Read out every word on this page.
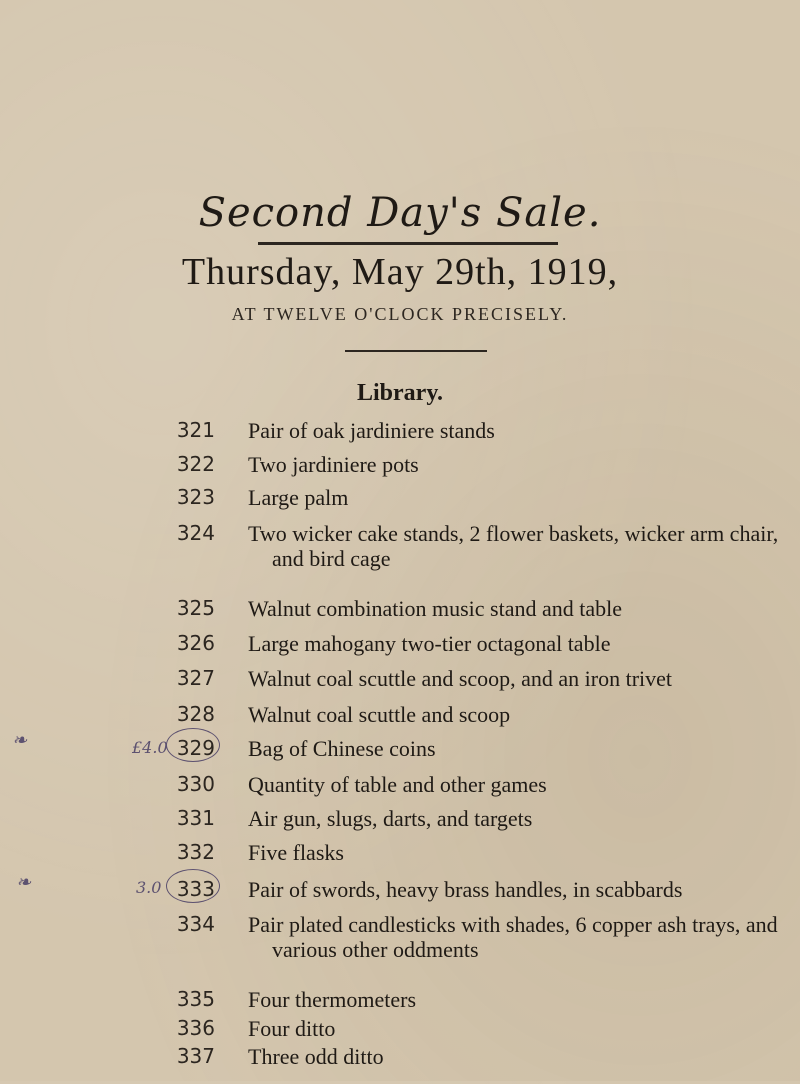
Second Day's Sale.
Thursday, May 29th, 1919,
AT TWELVE O'CLOCK PRECISELY.
Library.
321 Pair of oak jardiniere stands
322 Two jardiniere pots
323 Large palm
324 Two wicker cake stands, 2 flower baskets, wicker arm chair,
and bird cage
325 Walnut combination music stand and table
326 Large mahogany two-tier octagonal table
327 Walnut coal scuttle and scoop, and an iron trivet
328 Walnut coal scuttle and scoop
329 Bag of Chinese coins
330 Quantity of table and other games
331 Air gun, slugs, darts, and targets
332 Five flasks
333 Pair of swords, heavy brass handles, in scabbards
334 Pair plated candlesticks with shades, 6 copper ash trays, and
various other oddments
335 Four thermometers
336 Four ditto
337 Three odd ditto
£4.0
❧
3.0
❧
